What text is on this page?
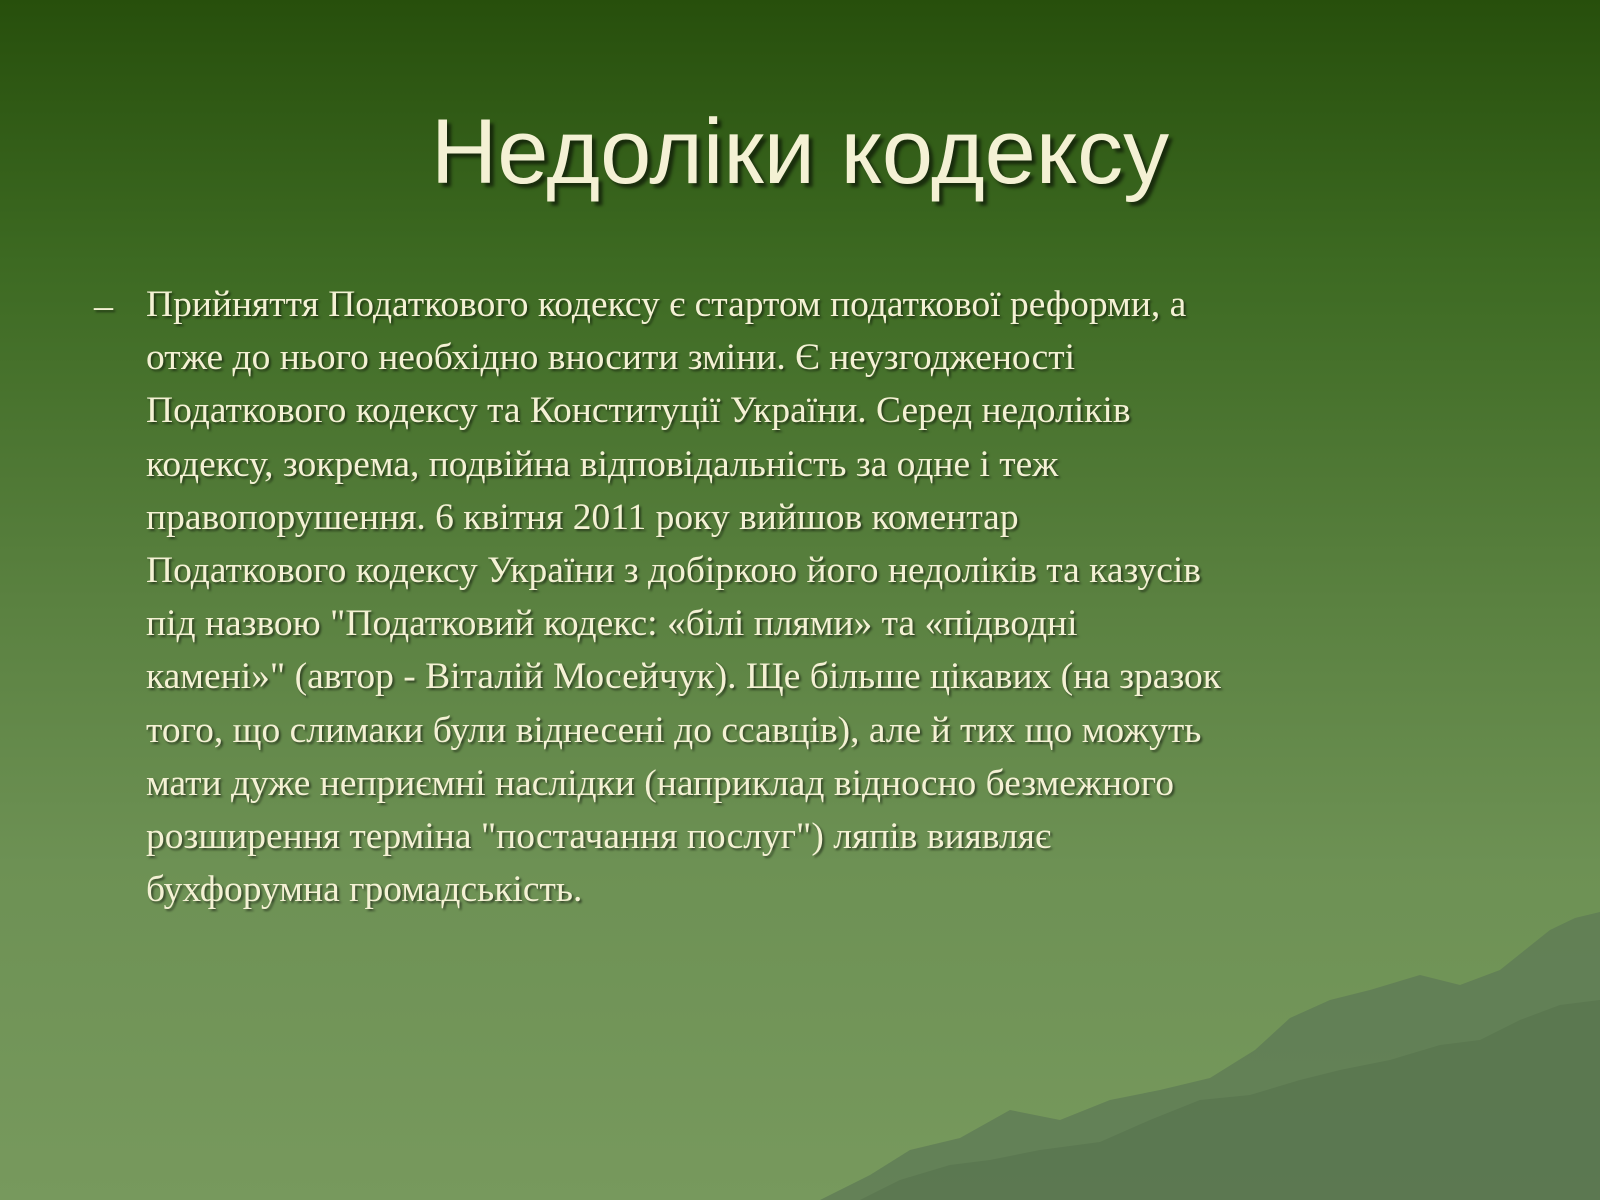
Недоліки кодексу
– Прийняття Податкового кодексу є стартом податкової реформи, а
отже до нього необхідно вносити зміни. Є неузгодженості
Податкового кодексу та Конституції України. Серед недоліків
кодексу, зокрема, подвійна відповідальність за одне і теж
правопорушення. 6 квітня 2011 року вийшов коментар
Податкового кодексу України з добіркою його недоліків та казусів
під назвою "Податковий кодекс: «білі плями» та «підводні
камені»" (автор - Віталій Мосейчук). Ще більше цікавих (на зразок
того, що слимаки були віднесені до ссавців), але й тих що можуть
мати дуже неприємні наслідки (наприклад відносно безмежного
розширення терміна "постачання послуг") ляпів виявляє
бухфорумна громадськість.
